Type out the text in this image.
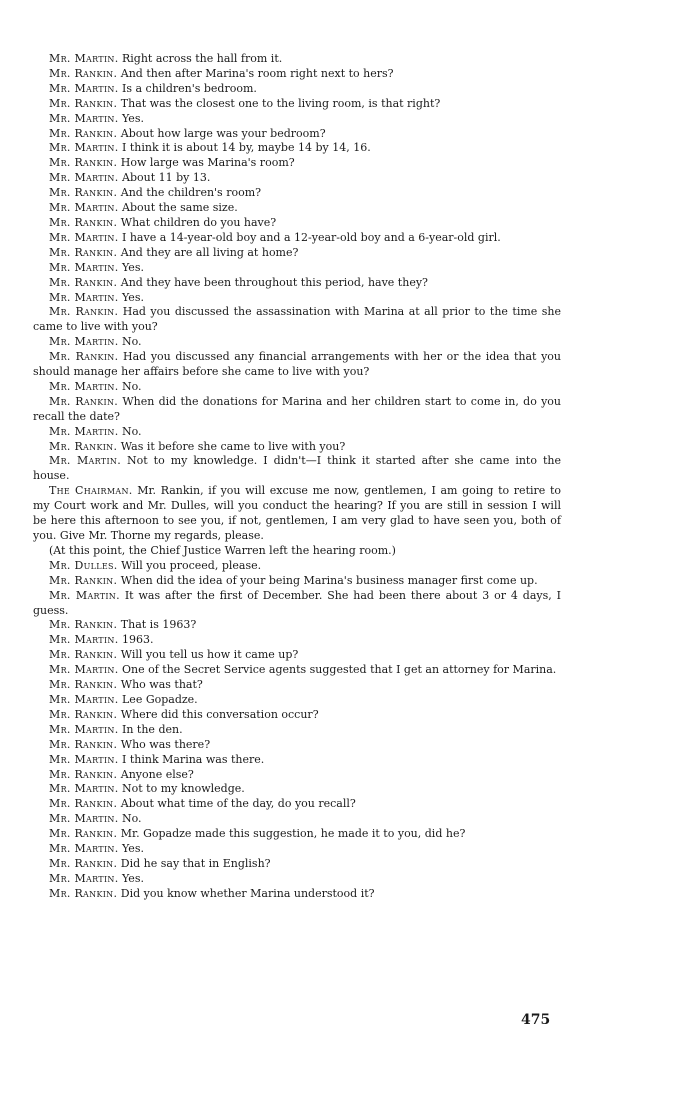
Mr. Martin. Right across the hall from it.

Mr. Rankin. And then after Marina's room right next to hers?

Mr. Martin. Is a children's bedroom.

Mr. Rankin. That was the closest one to the living room, is that right?

Mr. Martin. Yes.

Mr. Rankin. About how large was your bedroom?

Mr. Martin. I think it is about 14 by, maybe 14 by 14, 16.

Mr. Rankin. How large was Marina's room?

Mr. Martin. About 11 by 13.

Mr. Rankin. And the children's room?

Mr. Martin. About the same size.

Mr. Rankin. What children do you have?

Mr. Martin. I have a 14-year-old boy and a 12-year-old boy and a 6-year-old girl.

Mr. Rankin. And they are all living at home?

Mr. Martin. Yes.

Mr. Rankin. And they have been throughout this period, have they?

Mr. Martin. Yes.

Mr. Rankin. Had you discussed the assassination with Marina at all prior to the time she came to live with you?

Mr. Martin. No.

Mr. Rankin. Had you discussed any financial arrangements with her or the idea that you should manage her affairs before she came to live with you?

Mr. Martin. No.

Mr. Rankin. When did the donations for Marina and her children start to come in, do you recall the date?

Mr. Martin. No.

Mr. Rankin. Was it before she came to live with you?

Mr. Martin. Not to my knowledge. I didn't—I think it started after she came into the house.

The Chairman. Mr. Rankin, if you will excuse me now, gentlemen, I am going to retire to my Court work and Mr. Dulles, will you conduct the hearing? If you are still in session I will be here this afternoon to see you, if not, gentlemen, I am very glad to have seen you, both of you. Give Mr. Thorne my regards, please.

(At this point, the Chief Justice Warren left the hearing room.)

Mr. Dulles. Will you proceed, please.

Mr. Rankin. When did the idea of your being Marina's business manager first come up.

Mr. Martin. It was after the first of December. She had been there about 3 or 4 days, I guess.

Mr. Rankin. That is 1963?

Mr. Martin. 1963.

Mr. Rankin. Will you tell us how it came up?

Mr. Martin. One of the Secret Service agents suggested that I get an attorney for Marina.

Mr. Rankin. Who was that?

Mr. Martin. Lee Gopadze.

Mr. Rankin. Where did this conversation occur?

Mr. Martin. In the den.

Mr. Rankin. Who was there?

Mr. Martin. I think Marina was there.

Mr. Rankin. Anyone else?

Mr. Martin. Not to my knowledge.

Mr. Rankin. About what time of the day, do you recall?

Mr. Martin. No.

Mr. Rankin. Mr. Gopadze made this suggestion, he made it to you, did he?

Mr. Martin. Yes.

Mr. Rankin. Did he say that in English?

Mr. Martin. Yes.

Mr. Rankin. Did you know whether Marina understood it?

475
